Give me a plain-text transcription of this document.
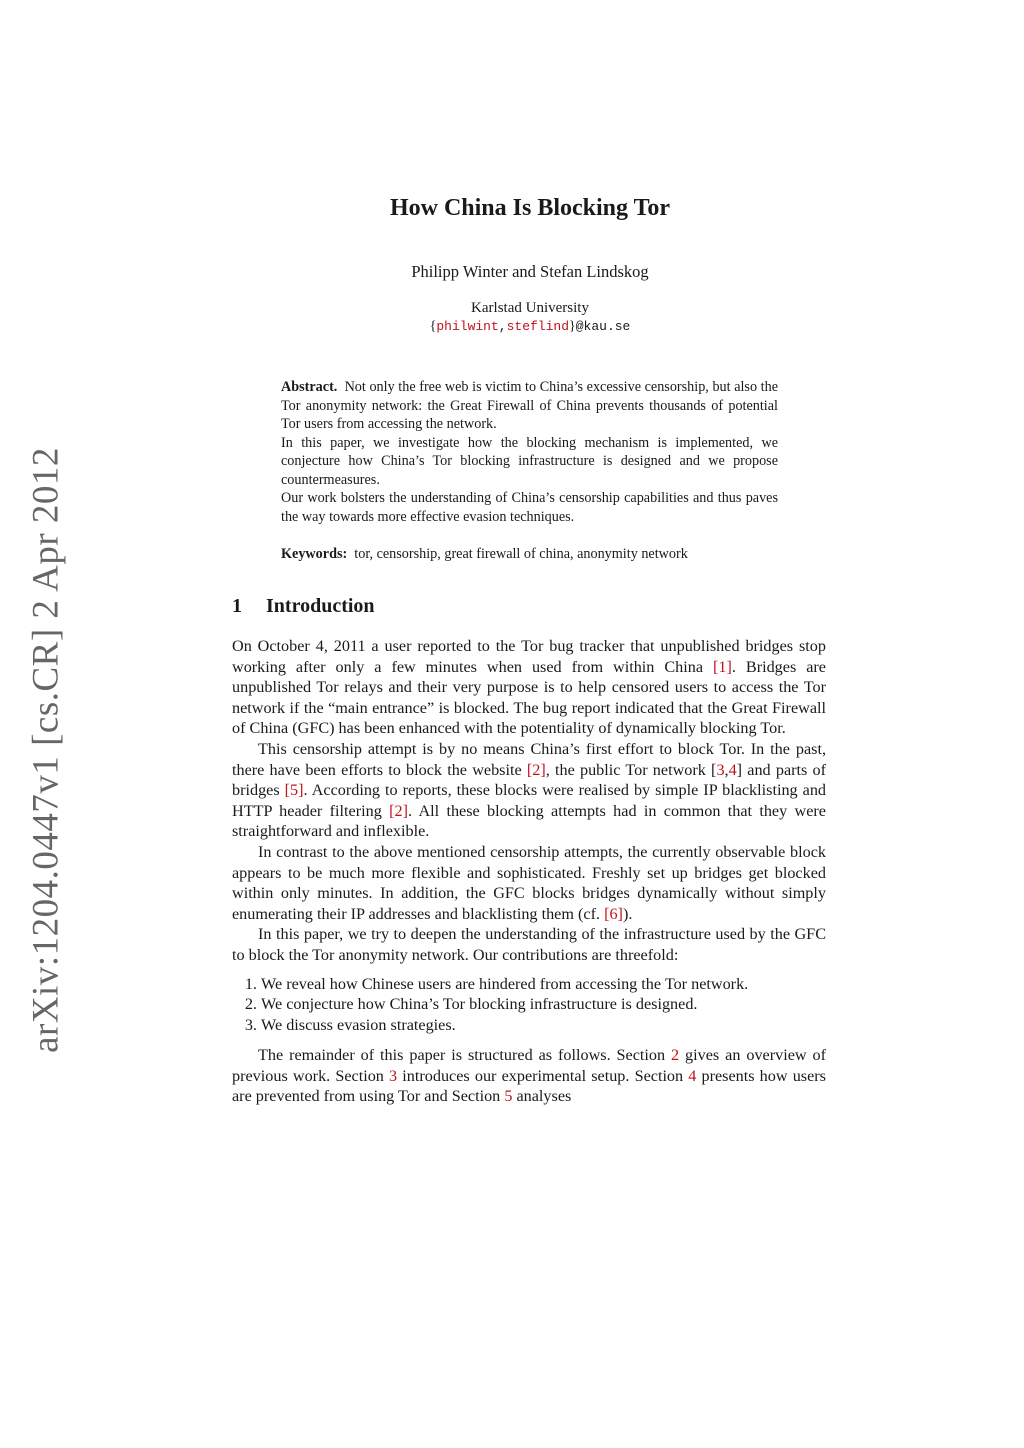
arXiv:1204.0447v1 [cs.CR] 2 Apr 2012
How China Is Blocking Tor
Philipp Winter and Stefan Lindskog
Karlstad University
{philwint,steflind}@kau.se

Abstract. Not only the free web is victim to China’s excessive censorship, but also the Tor anonymity network: the Great Firewall of China prevents thousands of potential Tor users from accessing the network.

In this paper, we investigate how the blocking mechanism is implemented, we conjecture how China’s Tor blocking infrastructure is designed and we propose countermeasures.

Our work bolsters the understanding of China’s censorship capabilities and thus paves the way towards more effective evasion techniques.

Keywords: tor, censorship, great firewall of china, anonymity network
1 Introduction

On October 4, 2011 a user reported to the Tor bug tracker that unpublished bridges stop working after only a few minutes when used from within China [1]. Bridges are unpublished Tor relays and their very purpose is to help censored users to access the Tor network if the “main entrance” is blocked. The bug report indicated that the Great Firewall of China (GFC) has been enhanced with the potentiality of dynamically blocking Tor.

This censorship attempt is by no means China’s first effort to block Tor. In the past, there have been efforts to block the website [2], the public Tor network [3,4] and parts of bridges [5]. According to reports, these blocks were realised by simple IP blacklisting and HTTP header filtering [2]. All these blocking attempts had in common that they were straightforward and inflexible.

In contrast to the above mentioned censorship attempts, the currently observable block appears to be much more flexible and sophisticated. Freshly set up bridges get blocked within only minutes. In addition, the GFC blocks bridges dynamically without simply enumerating their IP addresses and blacklisting them (cf. [6]).

In this paper, we try to deepen the understanding of the infrastructure used by the GFC to block the Tor anonymity network. Our contributions are threefold:

1. We reveal how Chinese users are hindered from accessing the Tor network.
2. We conjecture how China’s Tor blocking infrastructure is designed.
3. We discuss evasion strategies.

The remainder of this paper is structured as follows. Section 2 gives an overview of previous work. Section 3 introduces our experimental setup. Section 4 presents how users are prevented from using Tor and Section 5 analyses
